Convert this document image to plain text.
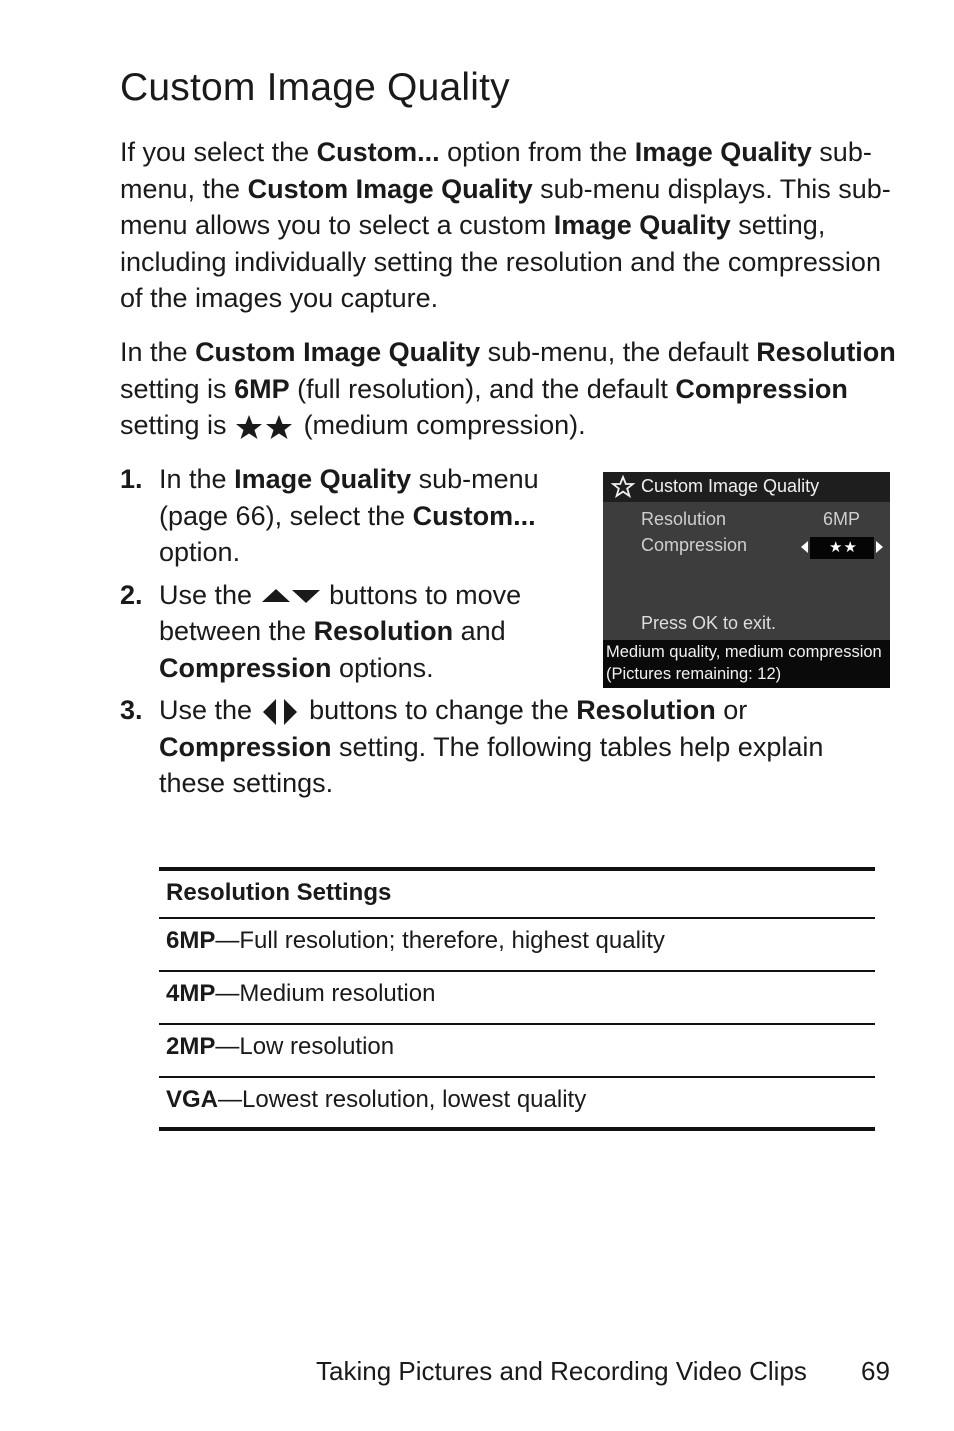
Custom Image Quality

If you select the Custom... option from the Image Quality sub-menu, the Custom Image Quality sub-menu displays. This sub-menu allows you to select a custom Image Quality setting, including individually setting the resolution and the compression of the images you capture.

In the Custom Image Quality sub-menu, the default Resolution setting is 6MP (full resolution), and the default Compression setting is  (medium compression).

1. In the Image Quality sub-menu (page 66), select the Custom... option.
2. Use the  buttons to move between the Resolution and Compression options.
3. Use the  buttons to change the Resolution or Compression setting. The following tables help explain these settings.
Custom Image Quality
Resolution	6MP
Compression	★★
Press OK to exit.
Medium quality, medium compression
(Pictures remaining: 12)
Resolution Settings
6MP—Full resolution; therefore, highest quality
4MP—Medium resolution
2MP—Low resolution
VGA—Lowest resolution, lowest quality
Taking Pictures and Recording Video Clips 69
